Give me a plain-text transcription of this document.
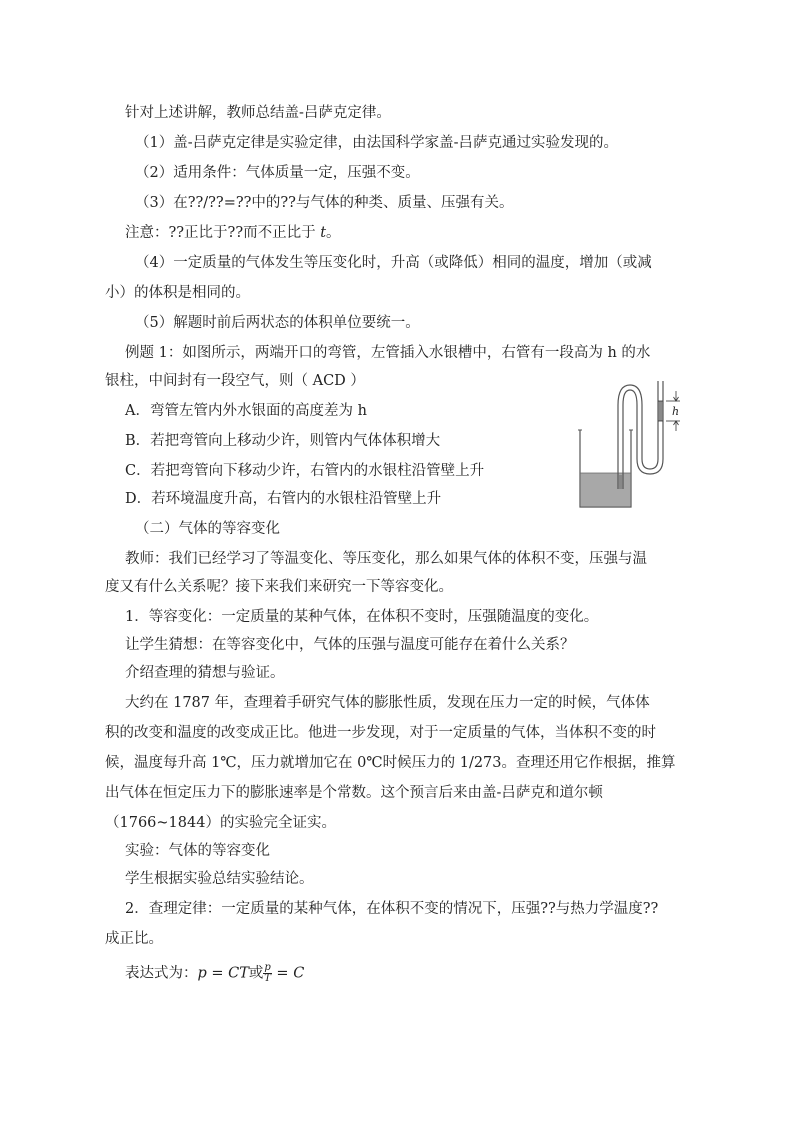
针对上述讲解，教师总结盖-吕萨克定律。
（1）盖-吕萨克定律是实验定律，由法国科学家盖-吕萨克通过实验发现的。
（2）适用条件：气体质量一定，压强不变。
（3）在??/??=??中的??与气体的种类、质量、压强有关。
注意：??正比于??而不正比于 t。
（4）一定质量的气体发生等压变化时，升高（或降低）相同的温度，增加（或减
小）的体积是相同的。
（5）解题时前后两状态的体积单位要统一。
例题 1：如图所示，两端开口的弯管，左管插入水银槽中，右管有一段高为 h 的水
银柱，中间封有一段空气，则（ ACD ）
A．弯管左管内外水银面的高度差为 h
B．若把弯管向上移动少许，则管内气体体积增大
C．若把弯管向下移动少许，右管内的水银柱沿管壁上升
D．若环境温度升高，右管内的水银柱沿管壁上升
h
（二）气体的等容变化
教师：我们已经学习了等温变化、等压变化，那么如果气体的体积不变，压强与温
度又有什么关系呢？接下来我们来研究一下等容变化。
1．等容变化：一定质量的某种气体，在体积不变时，压强随温度的变化。
让学生猜想：在等容变化中，气体的压强与温度可能存在着什么关系？
介绍查理的猜想与验证。
大约在 1787 年，查理着手研究气体的膨胀性质，发现在压力一定的时候，气体体
积的改变和温度的改变成正比。他进一步发现，对于一定质量的气体，当体积不变的时
候，温度每升高 1℃，压力就增加它在 0℃时候压力的 1/273。查理还用它作根据，推算
出气体在恒定压力下的膨胀速率是个常数。这个预言后来由盖-吕萨克和道尔顿
（1766~1844）的实验完全证实。
实验：气体的等容变化
学生根据实验总结实验结论。
2．查理定律：一定质量的某种气体，在体积不变的情况下，压强??与热力学温度??
成正比。
表达式为：p = CT或 $\frac{p}{T} = C$
